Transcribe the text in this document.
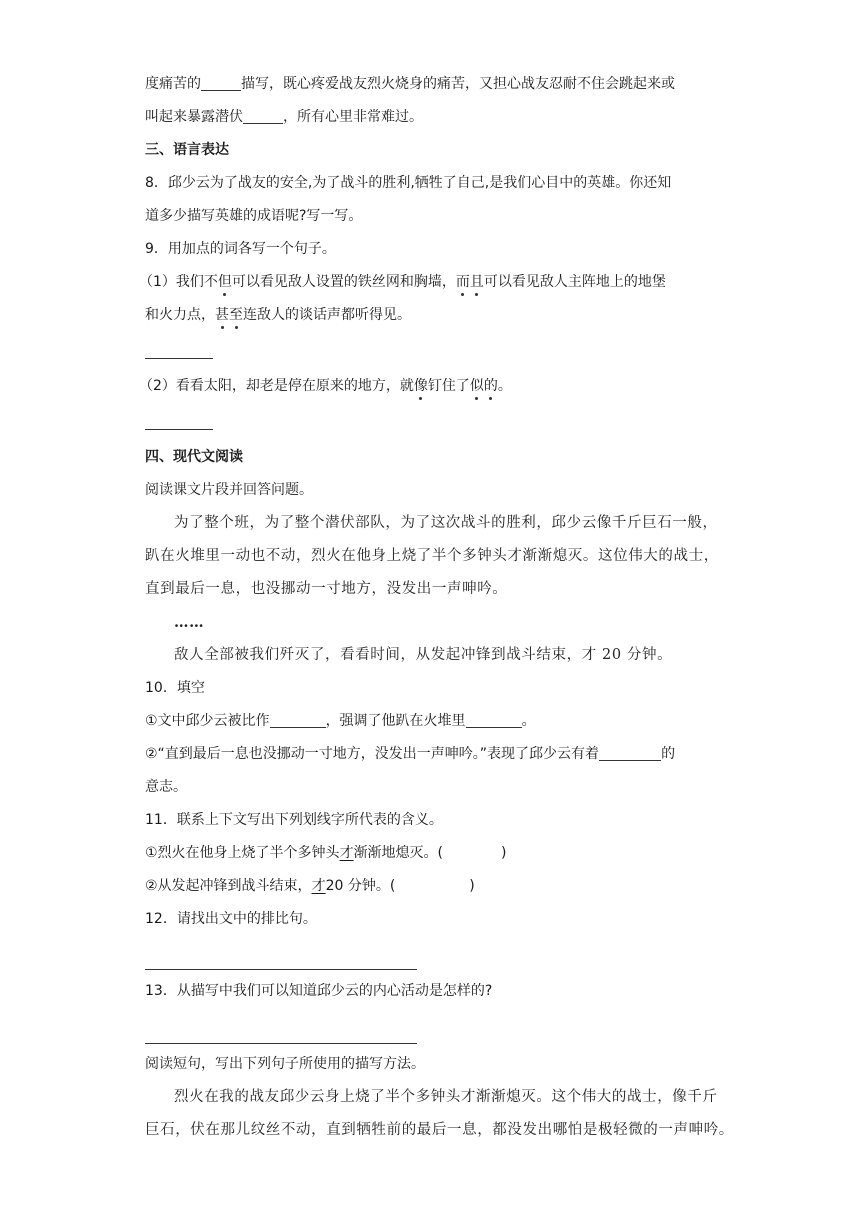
度痛苦的	描写，既心疼爱战友烈火烧身的痛苦，又担心战友忍耐不住会跳起来或
叫起来暴露潜伏	，所有心里非常难过。
三、语言表达
8．邱少云为了战友的安全,为了战斗的胜利,牺牲了自己,是我们心目中的英雄。你还知
道多少描写英雄的成语呢?写一写。
9．用加点的词各写一个句子。
（1）我们不但可以看见敌人设置的铁丝网和胸墙，而且可以看见敌人主阵地上的地堡
和火力点，甚至连敌人的谈话声都听得见。
（2）看看太阳，却老是停在原来的地方，就像钉住了似的。
四、现代文阅读
阅读课文片段并回答问题。
为了整个班，为了整个潜伏部队，为了这次战斗的胜利，邱少云像千斤巨石一般，
趴在火堆里一动也不动，烈火在他身上烧了半个多钟头才渐渐熄灭。这位伟大的战士，
直到最后一息，也没挪动一寸地方，没发出一声呻吟。
……
敌人全部被我们歼灭了，看看时间，从发起冲锋到战斗结束，才 20 分钟。
10．填空
①文中邱少云被比作	，强调了他趴在火堆里	。
②“直到最后一息也没挪动一寸地方，没发出一声呻吟。”表现了邱少云有着	的
意志。
11．联系上下文写出下列划线字所代表的含义。
①烈火在他身上烧了半个多钟头才渐渐地熄灭。(	)
②从发起冲锋到战斗结束，才20 分钟。(	)
12．请找出文中的排比句。
13．从描写中我们可以知道邱少云的内心活动是怎样的?
阅读短句，写出下列句子所使用的描写方法。
烈火在我的战友邱少云身上烧了半个多钟头才渐渐熄灭。这个伟大的战士，像千斤
巨石，伏在那儿纹丝不动，直到牺牲前的最后一息，都没发出哪怕是极轻微的一声呻吟。
